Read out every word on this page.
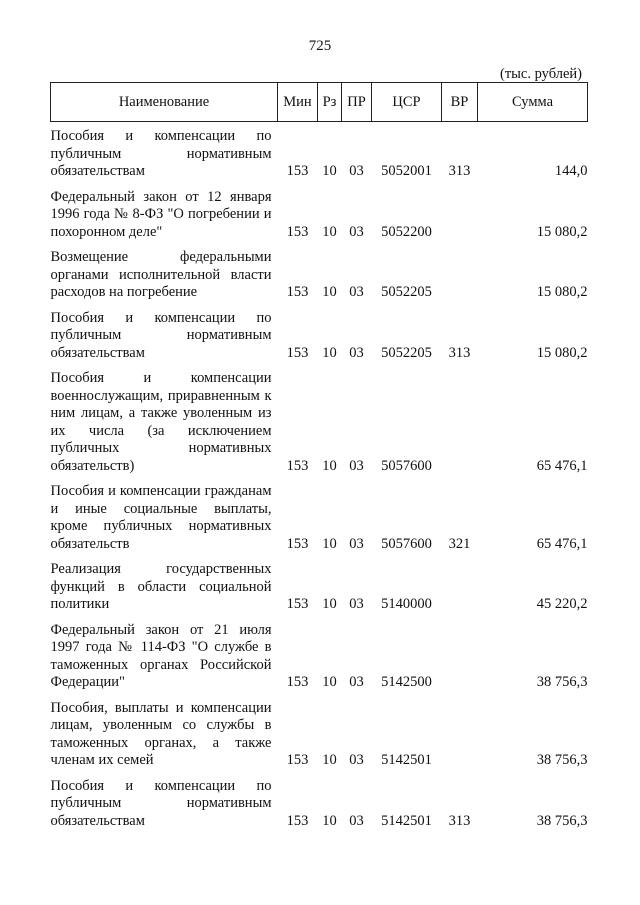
725
(тыс. рублей)
Наименование	Мин	Рз	ПР	ЦСР	ВР	Сумма
Пособия и компенсации по публичным нормативным обязательствам	153	10	03	5052001	313	144,0
Федеральный закон от 12 января 1996 года № 8-ФЗ "О погребении и похоронном деле"	153	10	03	5052200		15 080,2
Возмещение федеральными органами исполнительной власти расходов на погребение	153	10	03	5052205		15 080,2
Пособия и компенсации по публичным нормативным обязательствам	153	10	03	5052205	313	15 080,2
Пособия и компенсации военнослужащим, приравненным к ним лицам, а также уволенным из их числа (за исключением публичных нормативных обязательств)	153	10	03	5057600		65 476,1
Пособия и компенсации гражданам и иные социальные выплаты, кроме публичных нормативных обязательств	153	10	03	5057600	321	65 476,1
Реализация государственных функций в области социальной политики	153	10	03	5140000		45 220,2
Федеральный закон от 21 июля 1997 года № 114-ФЗ "О службе в таможенных органах Российской Федерации"	153	10	03	5142500		38 756,3
Пособия, выплаты и компенсации лицам, уволенным со службы в таможенных органах, а также членам их семей	153	10	03	5142501		38 756,3
Пособия и компенсации по публичным нормативным обязательствам	153	10	03	5142501	313	38 756,3
